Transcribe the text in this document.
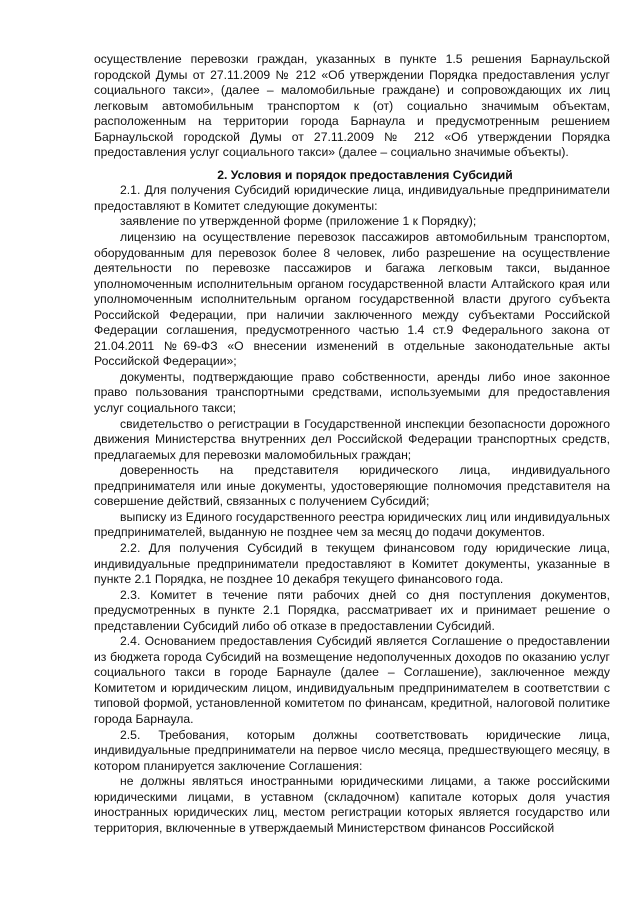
осуществление перевозки граждан, указанных в пункте 1.5 решения Барнаульской городской Думы от 27.11.2009 № 212 «Об утверждении Порядка предоставления услуг социального такси», (далее – маломобильные граждане) и сопровождающих их лиц легковым автомобильным транспортом к (от) социально значимым объектам, расположенным на территории города Барнаула и предусмотренным решением Барнаульской городской Думы от 27.11.2009 № 212 «Об утверждении Порядка предоставления услуг социального такси» (далее – социально значимые объекты).

2. Условия и порядок предоставления Субсидий

2.1. Для получения Субсидий юридические лица, индивидуальные предприниматели предоставляют в Комитет следующие документы:

заявление по утвержденной форме (приложение 1 к Порядку);

лицензию на осуществление перевозок пассажиров автомобильным транспортом, оборудованным для перевозок более 8 человек, либо разрешение на осуществление деятельности по перевозке пассажиров и багажа легковым такси, выданное уполномоченным исполнительным органом государственной власти Алтайского края или уполномоченным исполнительным органом государственной власти другого субъекта Российской Федерации, при наличии заключенного между субъектами Российской Федерации соглашения, предусмотренного частью 1.4 ст.9 Федерального закона от 21.04.2011 №69-ФЗ «О внесении изменений в отдельные законодательные акты Российской Федерации»;

документы, подтверждающие право собственности, аренды либо иное законное право пользования транспортными средствами, используемыми для предоставления услуг социального такси;

свидетельство о регистрации в Государственной инспекции безопасности дорожного движения Министерства внутренних дел Российской Федерации транспортных средств, предлагаемых для перевозки маломобильных граждан;

доверенность на представителя юридического лица, индивидуального предпринимателя или иные документы, удостоверяющие полномочия представителя на совершение действий, связанных с получением Субсидий;

выписку из Единого государственного реестра юридических лиц или индивидуальных предпринимателей, выданную не позднее чем за месяц до подачи документов.

2.2. Для получения Субсидий в текущем финансовом году юридические лица, индивидуальные предприниматели предоставляют в Комитет документы, указанные в пункте 2.1 Порядка, не позднее 10 декабря текущего финансового года.

2.3. Комитет в течение пяти рабочих дней со дня поступления документов, предусмотренных в пункте 2.1 Порядка, рассматривает их и принимает решение о представлении Субсидий либо об отказе в предоставлении Субсидий.

2.4. Основанием предоставления Субсидий является Соглашение о предоставлении из бюджета города Субсидий на возмещение недополученных доходов по оказанию услуг социального такси в городе Барнауле (далее – Соглашение), заключенное между Комитетом и юридическим лицом, индивидуальным предпринимателем в соответствии с типовой формой, установленной комитетом по финансам, кредитной, налоговой политике города Барнаула.

2.5. Требования, которым должны соответствовать юридические лица, индивидуальные предприниматели на первое число месяца, предшествующего месяцу, в котором планируется заключение Соглашения:

не должны являться иностранными юридическими лицами, а также российскими юридическими лицами, в уставном (складочном) капитале которых доля участия иностранных юридических лиц, местом регистрации которых является государство или территория, включенные в утверждаемый Министерством финансов Российской
